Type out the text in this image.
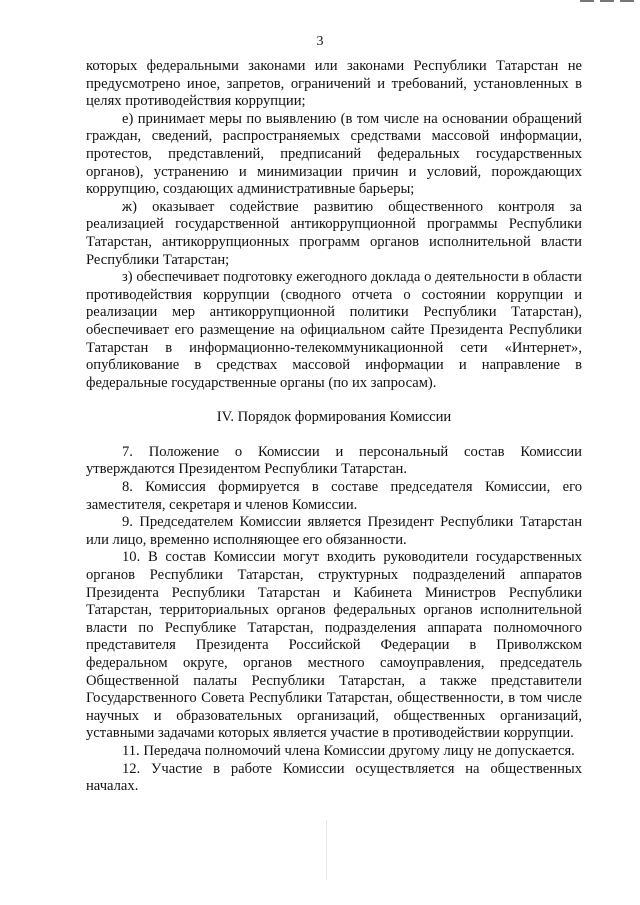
3

которых федеральными законами или законами Республики Татарстан не предусмотрено иное, запретов, ограничений и требований, установленных в целях противодействия коррупции;

е) принимает меры по выявлению (в том числе на основании обращений граждан, сведений, распространяемых средствами массовой информации, протестов, представлений, предписаний федеральных государственных органов), устранению и минимизации причин и условий, порождающих коррупцию, создающих административные барьеры;

ж) оказывает содействие развитию общественного контроля за реализацией государственной антикоррупционной программы Республики Татарстан, антикоррупционных программ органов исполнительной власти Республики Татарстан;

з) обеспечивает подготовку ежегодного доклада о деятельности в области противодействия коррупции (сводного отчета о состоянии коррупции и реализации мер антикоррупционной политики Республики Татарстан), обеспечивает его размещение на официальном сайте Президента Республики Татарстан в информационно-телекоммуникационной сети «Интернет», опубликование в средствах массовой информации и направление в федеральные государственные органы (по их запросам).

IV. Порядок формирования Комиссии

7. Положение о Комиссии и персональный состав Комиссии утверждаются Президентом Республики Татарстан.

8. Комиссия формируется в составе председателя Комиссии, его заместителя, секретаря и членов Комиссии.

9. Председателем Комиссии является Президент Республики Татарстан или лицо, временно исполняющее его обязанности.

10. В состав Комиссии могут входить руководители государственных органов Республики Татарстан, структурных подразделений аппаратов Президента Республики Татарстан и Кабинета Министров Республики Татарстан, территориальных органов федеральных органов исполнительной власти по Республике Татарстан, подразделения аппарата полномочного представителя Президента Российской Федерации в Приволжском федеральном округе, органов местного самоуправления, председатель Общественной палаты Республики Татарстан, а также представители Государственного Совета Республики Татарстан, общественности, в том числе научных и образовательных организаций, общественных организаций, уставными задачами которых является участие в противодействии коррупции.

11. Передача полномочий члена Комиссии другому лицу не допускается.

12. Участие в работе Комиссии осуществляется на общественных началах.
